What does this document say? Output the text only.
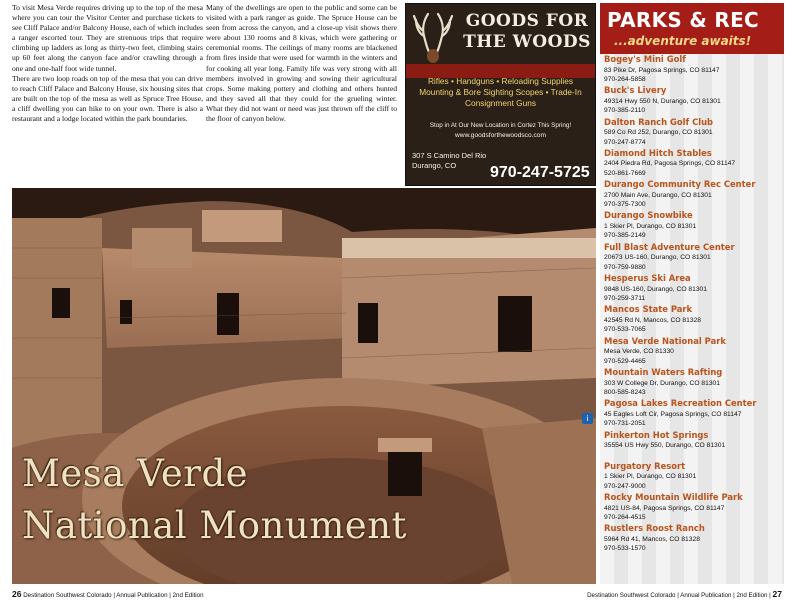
To visit Mesa Verde requires driving up to the top of the mesa where you can tour the Visitor Center and purchase tickets to see Cliff Palace and/or Balcony House, each of which includes a ranger escorted tour. They are strenuous trips that require climbing up ladders as long as thirty-two feet, climbing stairs up 60 feet along the canyon face and/or crawling through a one and one-half foot wide tunnel.

There are two loop roads on top of the mesa that you can drive to reach Cliff Palace and Balcony House, six housing sites that are built on the top of the mesa as well as Spruce Tree House, a cliff dwelling you can hike to on your own. There is also a restaurant and a lodge located within the park boundaries.

Many of the dwellings are open to the public and some can be visited with a park ranger as guide. The Spruce House can be seen from across the canyon, and a close-up visit shows there were about 130 rooms and 8 kivas, which were gathering or ceremonial rooms. The ceilings of many rooms are blackened from fires inside that were used for warmth in the winters and for cooking all year long. Family life was very strong with all members involved in growing and sowing their agricultural crops. Some making pottery and clothing and others hunted and they saved all that they could for the grueling winter. What they did not want or need was just thrown off the cliff to the floor of canyon below.

GOODS FOR
THE WOODS
Rifles • Handguns • Reloading Supplies
Mounting & Bore Sighting Scopes • Trade-In
Consignment Guns
Stop in At Our New Location in Cortez This Spring!
www.goodsforthewoodsco.com
307 S Camino Del Rio
Durango, CO	970-247-5725
Mesa Verde
National Monument
i
PARKS & REC
...adventure awaits!
Bogey's Mini Golf
83 Pike Dr, Pagosa Springs, CO 81147
970-264-5858
Buck's Livery
49314 Hwy 550 N, Durango, CO 81301
970-385-2110
Dalton Ranch Golf Club
589 Co Rd 252, Durango, CO 81301
970-247-8774
Diamond Hitch Stables
2404 Piedra Rd, Pagosa Springs, CO 81147
520-861-7669
Durango Community Rec Center
2700 Main Ave, Durango, CO 81301
970-375-7300
Durango Snowbike
1 Skier Pl, Durango, CO 81301
970-385-2149
Full Blast Adventure Center
20673 US-160, Durango, CO 81301
970-759-9880
Hesperus Ski Area
9848 US-160, Durango, CO 81301
970-259-3711
Mancos State Park
42545 Rd N, Mancos, CO 81328
970-533-7065
Mesa Verde National Park
Mesa Verde, CO 81330
970-529-4465
Mountain Waters Rafting
303 W College Dr, Durango, CO 81301
800-585-8243
Pagosa Lakes Recreation Center
45 Eagles Loft Cir, Pagosa Springs, CO 81147
970-731-2051
Pinkerton Hot Springs
35554 US Hwy 550, Durango, CO 81301
Purgatory Resort
1 Skier Pl, Durango, CO 81301
970-247-9000
Rocky Mountain Wildlife Park
4821 US-84, Pagosa Springs, CO 81147
970-264-4515
Rustlers Roost Ranch
5964 Rd 41, Mancos, CO 81328
970-533-1570
26 Destination Southwest Colorado | Annual Publication | 2nd Edition	Destination Southwest Colorado | Annual Publication | 2nd Edition | 27
